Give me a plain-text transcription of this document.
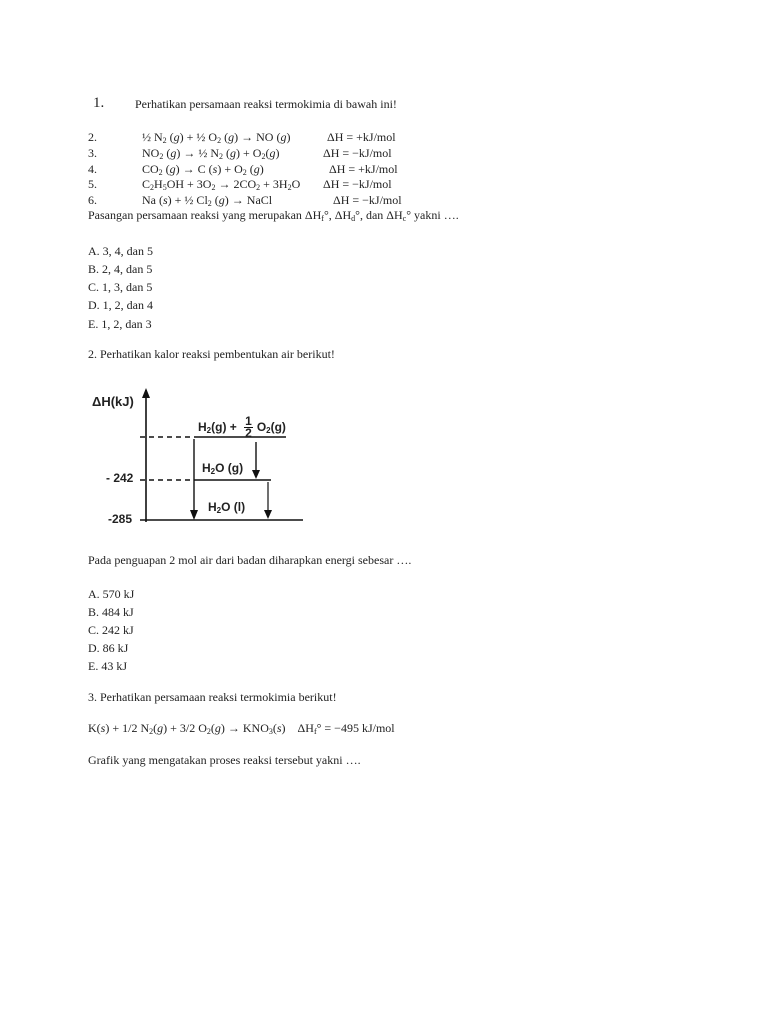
1.	Perhatikan persamaan reaksi termokimia di bawah ini!
2.	½ $N_2$ (g) + ½ $O_2$ (g) → NO (g)	ΔH = +kJ/mol
3.	$NO_2$ (g) → ½ $N_2$ $(g) + O_2(g)$	ΔH = −kJ/mol
4.	$CO_2$ (g) → C $(s) + O_2$ (g)	ΔH = +kJ/mol
5.	$C_2H_5OH + 3O_2 \to 2CO_2 + 3H_2O$ ΔH = −kJ/mol
6.	Na (s) + ½ $Cl_2$ (g) → NaCl	ΔH = −kJ/mol
Pasangan persamaan reaksi yang merupakan $\Delta H_f^\circ$, $\Delta H_d^\circ$, dan $\Delta H_c^\circ$ yakni ….
A. 3, 4, dan 5
B. 2, 4, dan 5
C. 1, 3, dan 5
D. 1, 2, dan 4
E. 1, 2, dan 3
2. Perhatikan kalor reaksi pembentukan air berikut!
ΔH(kJ)
- 242
-285
$H_2(g) + \frac{1}{2} O_2(g)$
$H_2O$ (g)
$H_2O$ (l)
Pada penguapan 2 mol air dari badan diharapkan energi sebesar ….
A. 570 kJ
B. 484 kJ
C. 242 kJ
D. 86 kJ
E. 43 kJ
3. Perhatikan persamaan reaksi termokimia berikut!
K(s) + 1/2 $N_2(g) + 3/2$ $O_2(g) \to KNO_3(s)$    $\Delta H_f^\circ = -495$ kJ/mol
Grafik yang mengatakan proses reaksi tersebut yakni ….
